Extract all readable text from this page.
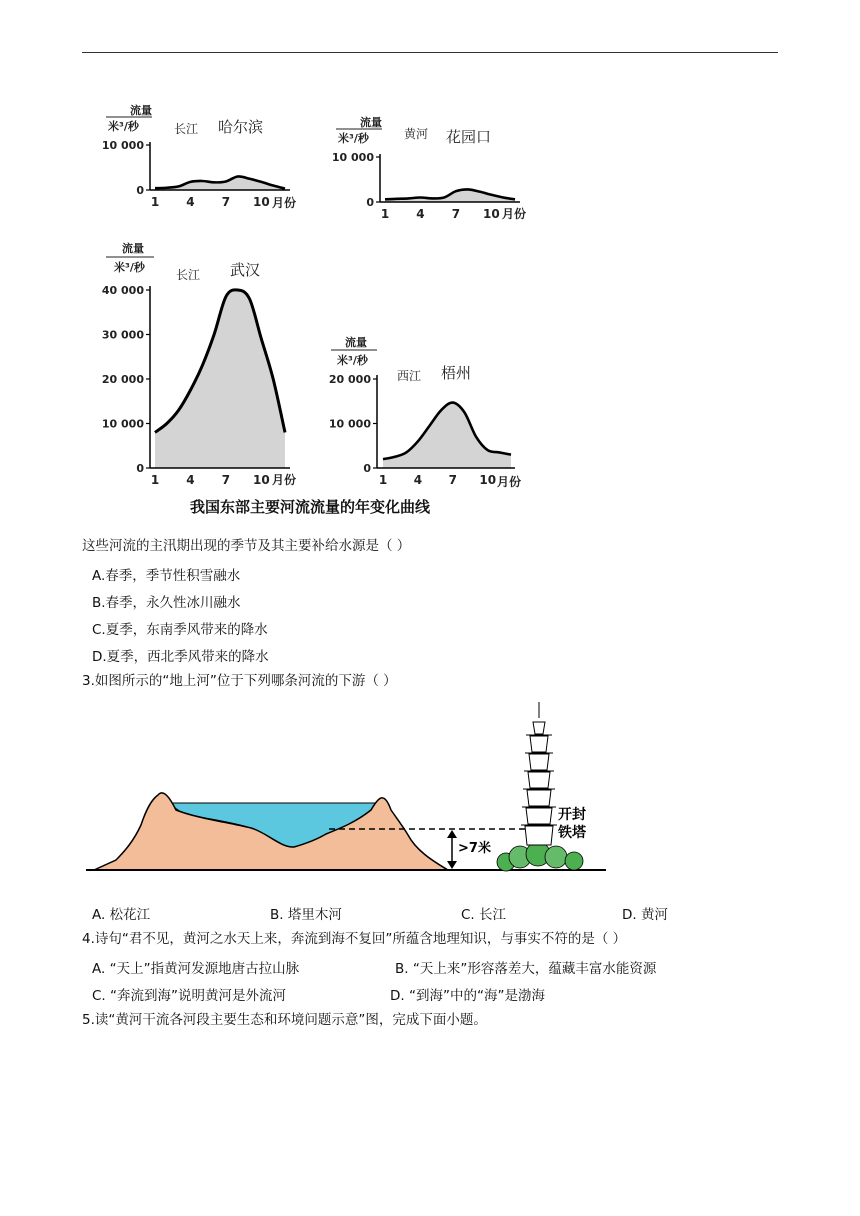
流量
米³/秒	长江 哈尔滨
10 000
0
1 4 7 10 月份
流量
米³/秒	黄河 花园口
10 000
0
1 4 7 10 月份
流量
米³/秒
长江 武汉
40 000
30 000
20 000
10 000
0
1 4 7 10 月份
流量
米³/秒
西江 梧州
20 000
10 000
0
1 4 7 10 月份
我国东部主要河流流量的年变化曲线
这些河流的主汛期出现的季节及其主要补给水源是（ ）
A.春季，季节性积雪融水
B.春季，永久性冰川融水
C.夏季，东南季风带来的降水
D.夏季，西北季风带来的降水
3.如图所示的“地上河”位于下列哪条河流的下游（ ）
>7米
开封
铁塔
A. 松花江	B. 塔里木河	C. 长江	D. 黄河
4.诗句“君不见，黄河之水天上来，奔流到海不复回”所蕴含地理知识，与事实不符的是（ ）
A. “天上”指黄河发源地唐古拉山脉	B. “天上来”形容落差大，蕴藏丰富水能资源
C. “奔流到海”说明黄河是外流河	D. “到海”中的“海”是渤海
5.读“黄河干流各河段主要生态和环境问题示意”图，完成下面小题。
